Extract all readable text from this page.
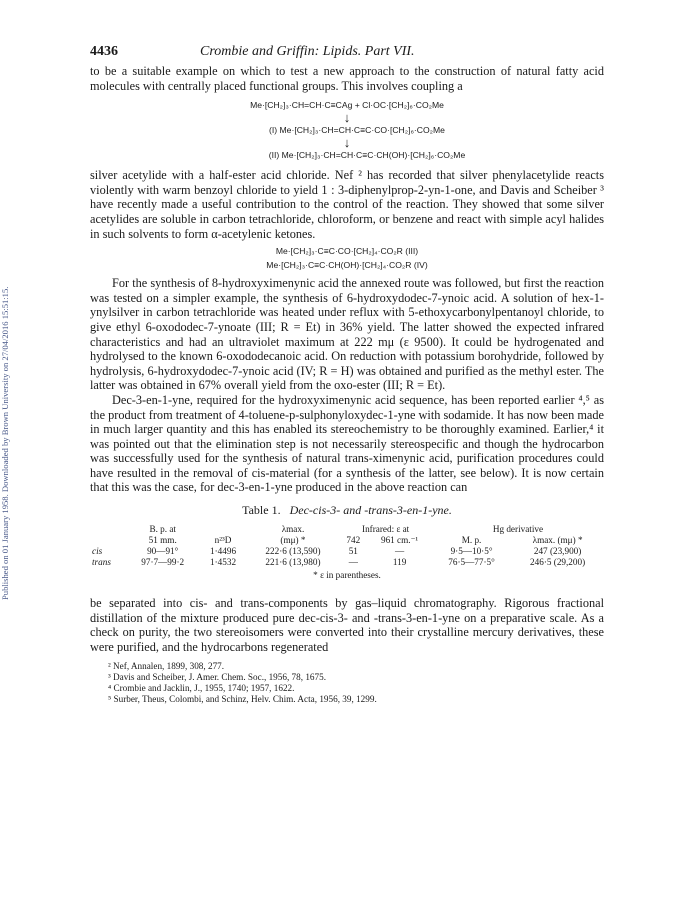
Published on 01 January 1958. Downloaded by Brown University on 27/04/2016 15:51:15.
4436	Crombie and Griffin: Lipids. Part VII.

to be a suitable example on which to test a new approach to the construction of natural fatty acid molecules with centrally placed functional groups. This involves coupling a

Me·[CH₂]₃·CH=CH·C≡CAg + Cl·OC·[CH₂]₆·CO₂Me
↓
(I) Me·[CH₂]₃·CH=CH·C≡C·CO·[CH₂]₆·CO₂Me
↓
(II) Me·[CH₂]₃·CH=CH·C≡C·CH(OH)·[CH₂]₆·CO₂Me

silver acetylide with a half-ester acid chloride. Nef ² has recorded that silver phenylacetylide reacts violently with warm benzoyl chloride to yield 1 : 3-diphenylprop-2-yn-1-one, and Davis and Scheiber ³ have recently made a useful contribution to the control of the reaction. They showed that some silver acetylides are soluble in carbon tetrachloride, chloroform, or benzene and react with simple acyl halides in such solvents to form α-acetylenic ketones.

Me·[CH₂]₃·C≡C·CO·[CH₂]₄·CO₂R (III)
Me·[CH₂]₃·C≡C·CH(OH)·[CH₂]₄·CO₂R (IV)

For the synthesis of 8-hydroxyximenynic acid the annexed route was followed, but first the reaction was tested on a simpler example, the synthesis of 6-hydroxydodec-7-ynoic acid. A solution of hex-1-ynylsilver in carbon tetrachloride was heated under reflux with 5-ethoxycarbonylpentanoyl chloride, to give ethyl 6-oxododec-7-ynoate (III; R = Et) in 36% yield. The latter showed the expected infrared characteristics and had an ultraviolet maximum at 222 mμ (ε 9500). It could be hydrogenated and hydrolysed to the known 6-oxododecanoic acid. On reduction with potassium borohydride, followed by hydrolysis, 6-hydroxydodec-7-ynoic acid (IV; R = H) was obtained and purified as the methyl ester. The latter was obtained in 67% overall yield from the oxo-ester (III; R = Et).

Dec-3-en-1-yne, required for the hydroxyximenynic acid sequence, has been reported earlier ⁴,⁵ as the product from treatment of 4-toluene-p-sulphonyloxydec-1-yne with sodamide. It has now been made in much larger quantity and this has enabled its stereochemistry to be thoroughly examined. Earlier,⁴ it was pointed out that the elimination step is not necessarily stereospecific and though the hydrocarbon was successfully used for the synthesis of natural trans-ximenynic acid, purification procedures could have resulted in the removal of cis-material (for a synthesis of the latter, see below). It is now certain that this was the case, for dec-3-en-1-yne produced in the above reaction can

Table 1. Dec-cis-3- and -trans-3-en-1-yne.
	B. p. at		λmax.	Infrared: ε at		Hg derivative	
	51 mm.	n²³D	(mμ) *	742	961 cm.⁻¹	M. p.	λmax. (mμ) *
cis	90—91°	1·4496	222·6 (13,590)	51	—	9·5—10·5°	247 (23,900)
trans	97·7—99·2	1·4532	221·6 (13,980)	—	119	76·5—77·5°	246·5 (29,200)
* ε in parentheses.

be separated into cis- and trans-components by gas–liquid chromatography. Rigorous fractional distillation of the mixture produced pure dec-cis-3- and -trans-3-en-1-yne on a preparative scale. As a check on purity, the two stereoisomers were converted into their crystalline mercury derivatives, these were purified, and the hydrocarbons regenerated

² Nef, Annalen, 1899, 308, 277.
³ Davis and Scheiber, J. Amer. Chem. Soc., 1956, 78, 1675.
⁴ Crombie and Jacklin, J., 1955, 1740; 1957, 1622.
⁵ Surber, Theus, Colombi, and Schinz, Helv. Chim. Acta, 1956, 39, 1299.
